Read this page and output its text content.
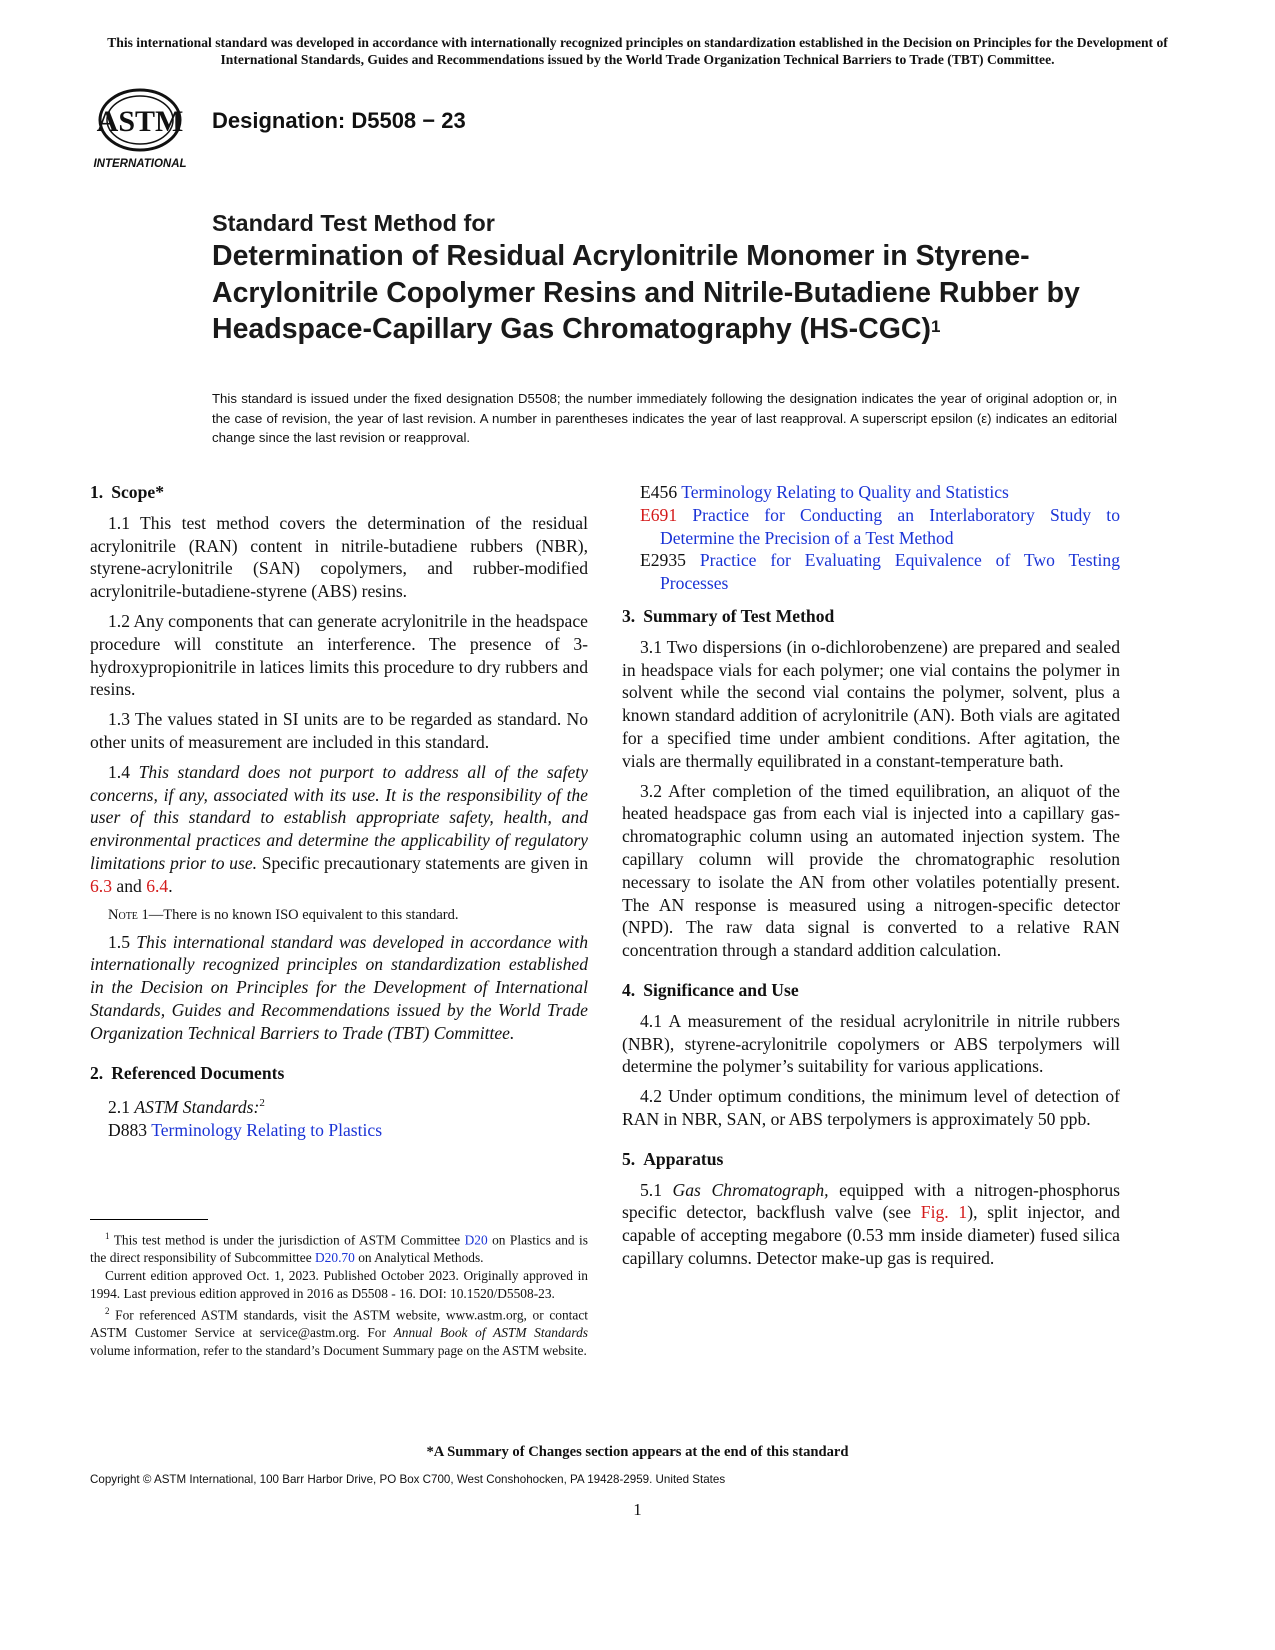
This international standard was developed in accordance with internationally recognized principles on standardization established in the Decision on Principles for the Development of International Standards, Guides and Recommendations issued by the World Trade Organization Technical Barriers to Trade (TBT) Committee.
ASTM
INTERNATIONAL
Designation: D5508 − 23
Standard Test Method for
Determination of Residual Acrylonitrile Monomer in Styrene-Acrylonitrile Copolymer Resins and Nitrile-Butadiene Rubber by Headspace-Capillary Gas Chromatography $(HS-CGC)^1$
This standard is issued under the fixed designation D5508; the number immediately following the designation indicates the year of original adoption or, in the case of revision, the year of last revision. A number in parentheses indicates the year of last reapproval. A superscript epsilon (ε) indicates an editorial change since the last revision or reapproval.
1. Scope*

1.1 This test method covers the determination of the residual acrylonitrile (RAN) content in nitrile-butadiene rubbers (NBR), styrene-acrylonitrile (SAN) copolymers, and rubber-modified acrylonitrile-butadiene-styrene (ABS) resins.

1.2 Any components that can generate acrylonitrile in the headspace procedure will constitute an interference. The presence of 3-hydroxypropionitrile in latices limits this procedure to dry rubbers and resins.

1.3 The values stated in SI units are to be regarded as standard. No other units of measurement are included in this standard.

1.4 This standard does not purport to address all of the safety concerns, if any, associated with its use. It is the responsibility of the user of this standard to establish appropriate safety, health, and environmental practices and determine the applicability of regulatory limitations prior to use. Specific precautionary statements are given in 6.3 and 6.4.

Note 1—There is no known ISO equivalent to this standard.

1.5 This international standard was developed in accordance with internationally recognized principles on standardization established in the Decision on Principles for the Development of International Standards, Guides and Recommendations issued by the World Trade Organization Technical Barriers to Trade (TBT) Committee.

2. Referenced Documents

2.1 ASTM Standards:$^2$

D883 Terminology Relating to Plastics

$^1$ This test method is under the jurisdiction of ASTM Committee D20 on Plastics and is the direct responsibility of Subcommittee D20.70 on Analytical Methods.

Current edition approved Oct. 1, 2023. Published October 2023. Originally approved in 1994. Last previous edition approved in 2016 as D5508 - 16. DOI: 10.1520/D5508-23.

$^2$ For referenced ASTM standards, visit the ASTM website, www.astm.org, or contact ASTM Customer Service at service@astm.org. For Annual Book of ASTM Standards volume information, refer to the standard’s Document Summary page on the ASTM website.

E456 Terminology Relating to Quality and Statistics

E691 Practice for Conducting an Interlaboratory Study to Determine the Precision of a Test Method

E2935 Practice for Evaluating Equivalence of Two Testing Processes

3. Summary of Test Method

3.1 Two dispersions (in o-dichlorobenzene) are prepared and sealed in headspace vials for each polymer; one vial contains the polymer in solvent while the second vial contains the polymer, solvent, plus a known standard addition of acrylonitrile (AN). Both vials are agitated for a specified time under ambient conditions. After agitation, the vials are thermally equilibrated in a constant-temperature bath.

3.2 After completion of the timed equilibration, an aliquot of the heated headspace gas from each vial is injected into a capillary gas-chromatographic column using an automated injection system. The capillary column will provide the chromatographic resolution necessary to isolate the AN from other volatiles potentially present. The AN response is measured using a nitrogen-specific detector (NPD). The raw data signal is converted to a relative RAN concentration through a standard addition calculation.

4. Significance and Use

4.1 A measurement of the residual acrylonitrile in nitrile rubbers (NBR), styrene-acrylonitrile copolymers or ABS terpolymers will determine the polymer’s suitability for various applications.

4.2 Under optimum conditions, the minimum level of detection of RAN in NBR, SAN, or ABS terpolymers is approximately 50 ppb.

5. Apparatus

5.1 Gas Chromatograph, equipped with a nitrogen-phosphorus specific detector, backflush valve (see Fig. 1), split injector, and capable of accepting megabore (0.53 mm inside diameter) fused silica capillary columns. Detector make-up gas is required.

*A Summary of Changes section appears at the end of this standard
Copyright © ASTM International, 100 Barr Harbor Drive, PO Box C700, West Conshohocken, PA 19428-2959. United States
1
